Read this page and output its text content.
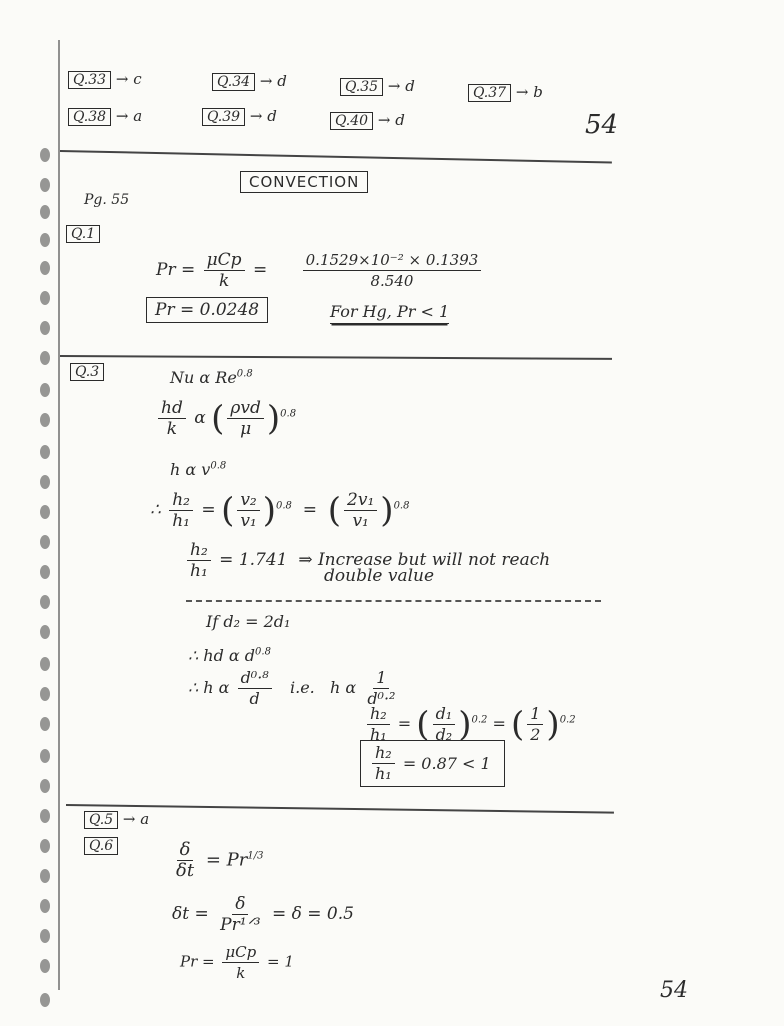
Q.33 → c	Q.34 → d	Q.35 → d	Q.37 → b
Q.38 → a	Q.39 → d	Q.40 → d	54
CONVECTION
Pg. 55
Q.1
$Pr = \frac{\text{μCp}}{k} = \frac{\text{0.1529×10⁻² × 0.1393}}{8.540}$
Pr = 0.0248	For Hg, Pr < 1
Q.3	Nu α $Re^{0.8}$
$\frac{hd}{k}$ α ( $\frac{\text{ρvd}}{\mu} )^{0.8}$
h α $v^{0.8}$
∴ $\frac{\text{h₂}}{\text{h₁}}$ = ( $\frac{\text{v₂}}{\text{v₁}} )^{0.8}$  =  ( $\frac{\text{2v₁}}{\text{v₁}} )^{0.8}$
$\frac{\text{h₂}}{\text{h₁}} = 1.741$ ⇒ Increase but will not reach
double value
If d₂ = 2d₁
∴ hd α $d^{0.8}$
∴ h α $\frac{\text{d⁰·⁸}}{d} i.e$. h α $\frac{1}{\text{d⁰·²}}$
$\frac{\text{h₂}}{\text{h₁}}$ = ( $\frac{\text{d₁}}{\text{d₂}} )^{0.2}$ = ( $\frac{1}{2} )^{0.2}$
$\frac{\text{h₂}}{\text{h₁}}$
= 0.87 < 1

Q.5 → a
Q.6	$\frac{\delta}{\delta t} = Pr^{1/3}$
$\delta t = \frac{\delta}{\text{Pr¹ᐟ³}} = \delta = 0.5$
$Pr = \frac{\text{μCp}}{k} = 1$
54
